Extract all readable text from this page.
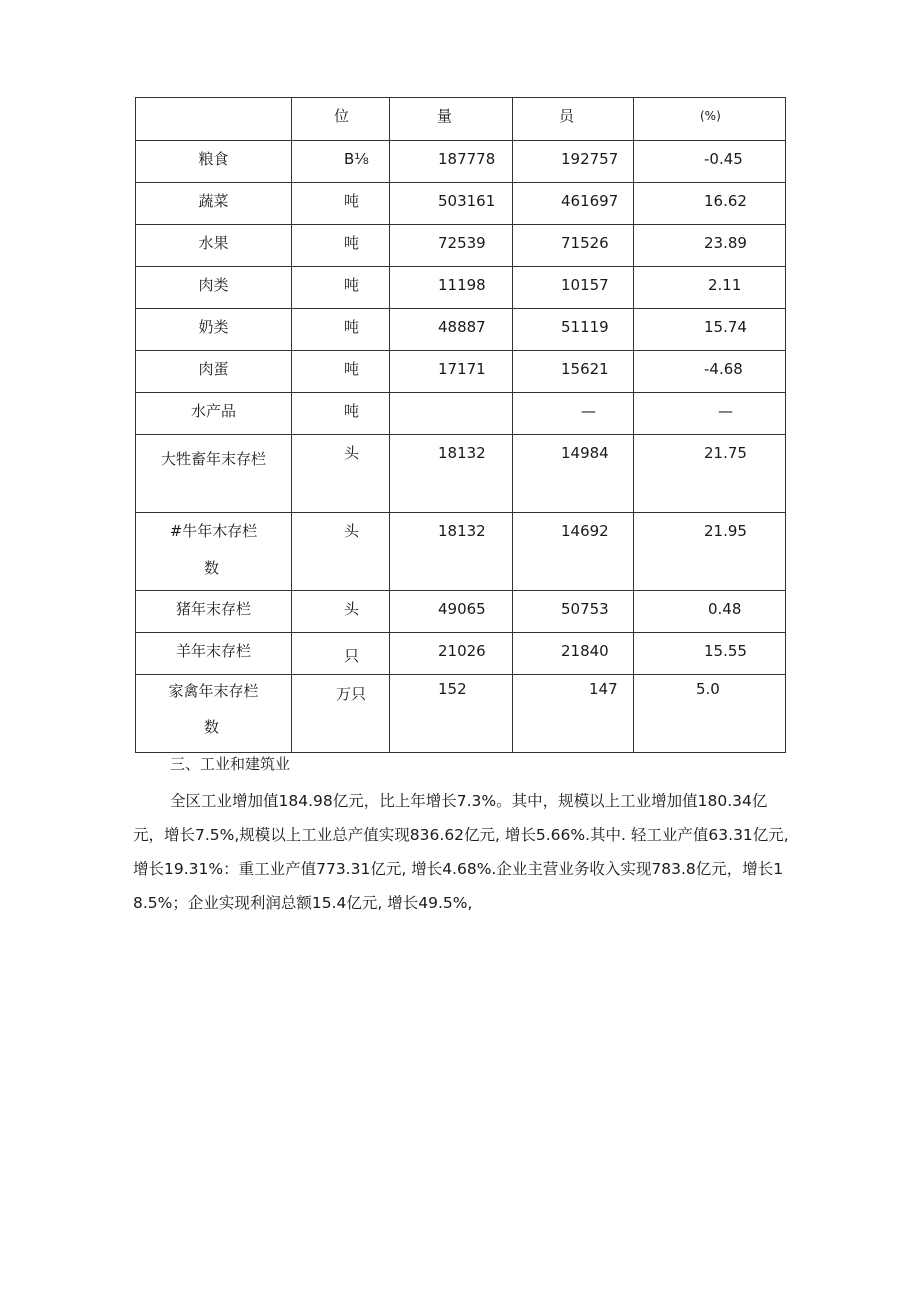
	位	量	员	(%)

粮食	B⅛	187778	192757	-0.45

蔬菜	吨	503161	461697	16.62

水果	吨	72539	71526	23.89

肉类	吨	11198	10157	2.11

奶类	吨	48887	51119	15.74

肉蛋	吨	17171	15621	-4.68

水产品	吨		—	—

大牲畜年末存栏	头	18132	14984	21.75

#牛年木存栏
数	头	18132	14692	21.95

猪年末存栏	头	49065	50753	0.48

羊年末存栏	只	21026	21840	15.55

家禽年末存栏
数	万只	152	147	5.0
三、工业和建筑业

全区工业增加值184.98亿元，比上年增长7.3%。其中，规模以上工业增加值180.34亿元，增长7.5%,规模以上工业总产值实现836.62亿元, 增长5.66%.其中. 轻工业产值63.31亿元, 增长19.31%：重工业产值773.31亿元, 增长4.68%.企业主营业务收入实现783.8亿元，增长18.5%；企业实现利润总额15.4亿元, 增长49.5%,
